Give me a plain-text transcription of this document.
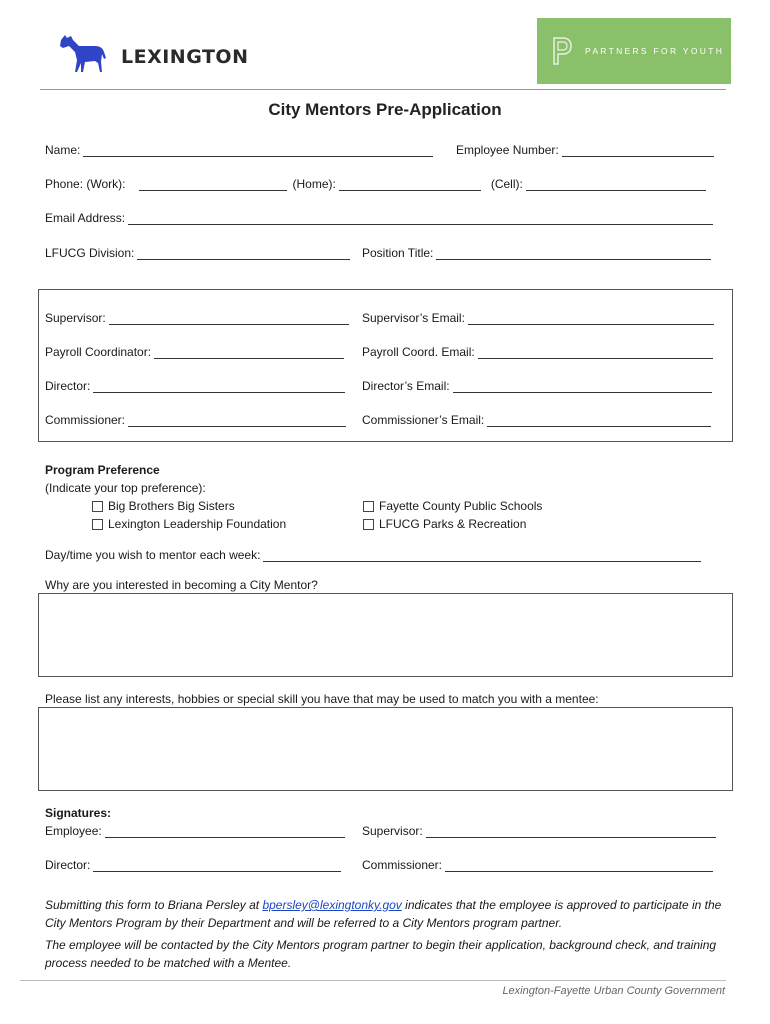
LEXINGTON	PARTNERS FOR YOUTH
City Mentors Pre-Application
Name:	Employee Number:
Phone: (Work):	(Home):	(Cell):
Email Address:
LFUCG Division:	Position Title:
Supervisor:	Supervisor’s Email:
Payroll Coordinator:	Payroll Coord. Email:
Director:	Director’s Email:
Commissioner:	Commissioner’s Email:
Program Preference
(Indicate your top preference):
Big Brothers Big Sisters
Lexington Leadership Foundation
Fayette County Public Schools
LFUCG Parks & Recreation
Day/time you wish to mentor each week:
Why are you interested in becoming a City Mentor?
Please list any interests, hobbies or special skill you have that may be used to match you with a mentee:
Signatures:
Employee:	Supervisor:
Director:	Commissioner:
Submitting this form to Briana Persley at bpersley@lexingtonky.gov indicates that the employee is approved to participate in the City Mentors Program by their Department and will be referred to a City Mentors program partner.
The employee will be contacted by the City Mentors program partner to begin their application, background check, and training process needed to be matched with a Mentee.
Lexington-Fayette Urban County Government
